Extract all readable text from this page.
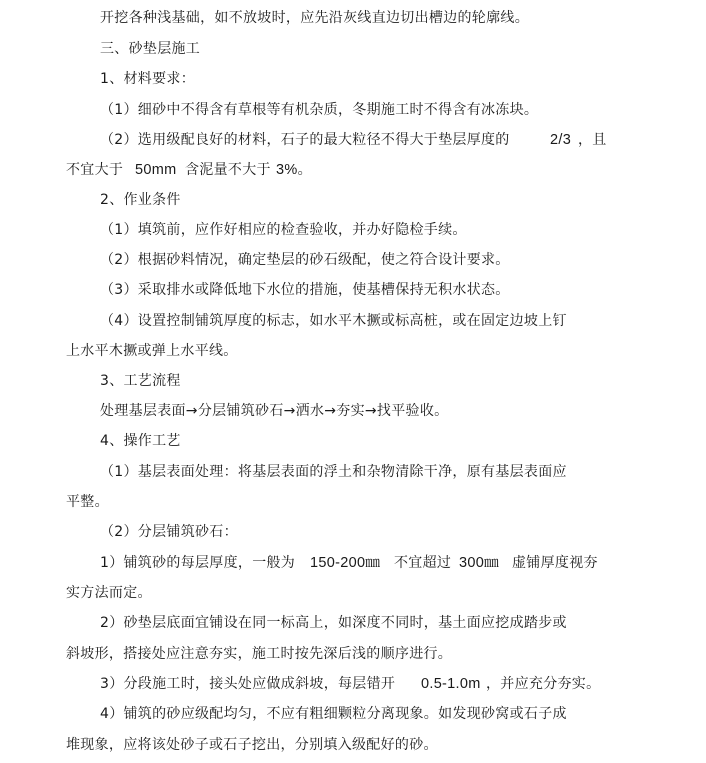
开挖各种浅基础，如不放坡时，应先沿灰线直边切出槽边的轮廓线。
三、砂垫层施工
1、材料要求：
（1）细砂中不得含有草根等有机杂质，冬期施工时不得含有冰冻块。
（2）选用级配良好的材料，石子的最大粒径不得大于垫层厚度的	2/3 ，且
不宜大于 50mm 含泥量不大于 3%。
2、作业条件
（1）填筑前，应作好相应的检查验收，并办好隐检手续。
（2）根据砂料情况，确定垫层的砂石级配，使之符合设计要求。
（3）采取排水或降低地下水位的措施，使基槽保持无积水状态。
（4）设置控制铺筑厚度的标志，如水平木撅或标高桩，或在固定边坡上钉
上水平木撅或弹上水平线。
3、工艺流程
处理基层表面→分层铺筑砂石→洒水→夯实→找平验收。
4、操作工艺
（1）基层表面处理：将基层表面的浮土和杂物清除干净，原有基层表面应
平整。
（2）分层铺筑砂石：
1）铺筑砂的每层厚度，一般为 150-200㎜ 不宜超过 300㎜ 虚铺厚度视夯
实方法而定。
2）砂垫层底面宜铺设在同一标高上，如深度不同时，基土面应挖成踏步或
斜坡形，搭接处应注意夯实，施工时按先深后浅的顺序进行。
3）分段施工时，接头处应做成斜坡，每层错开 0.5-1.0m ，并应充分夯实。
4）铺筑的砂应级配均匀，不应有粗细颗粒分离现象。如发现砂窝或石子成
堆现象，应将该处砂子或石子挖出，分别填入级配好的砂。
